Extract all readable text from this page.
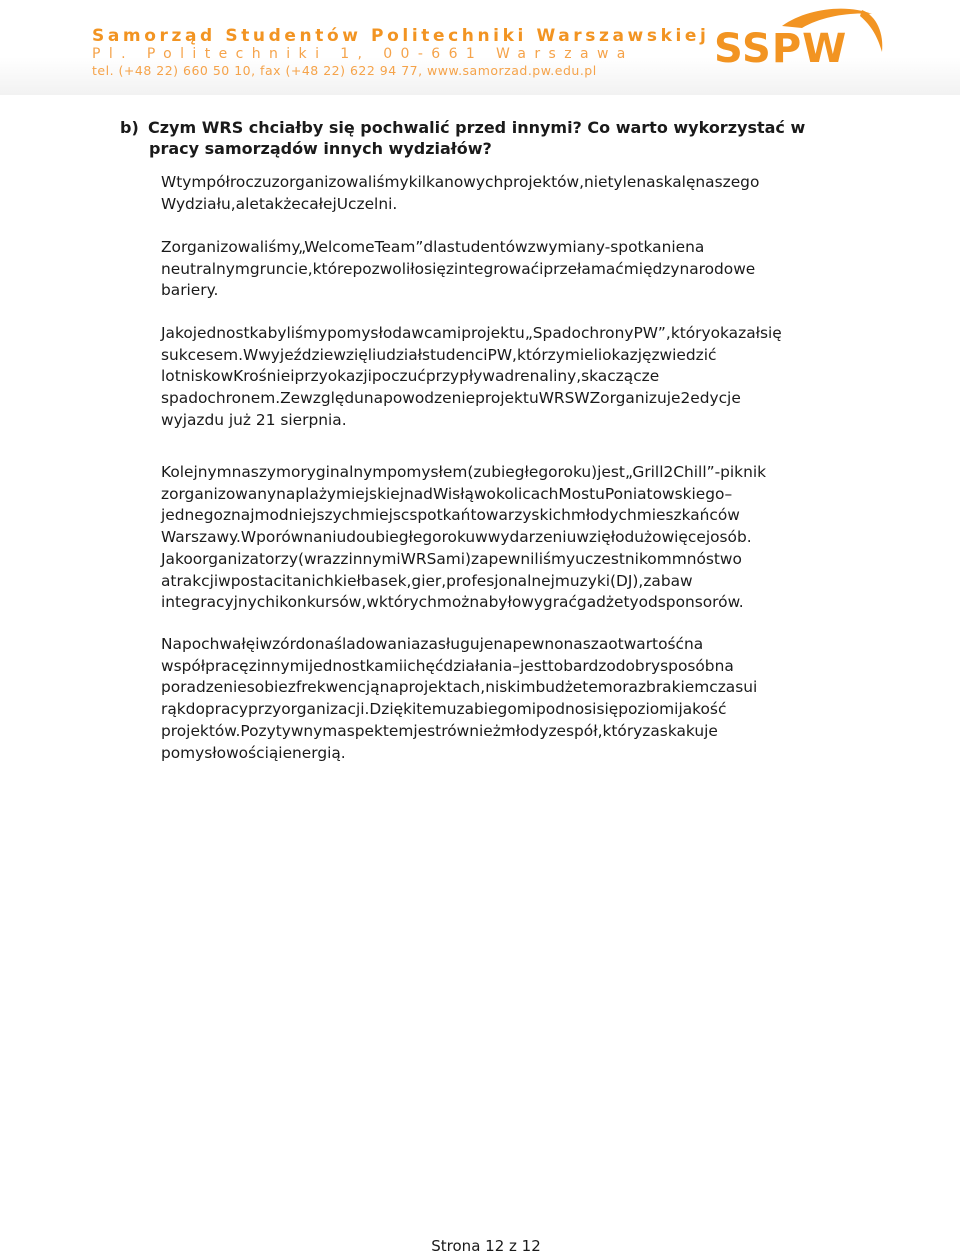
Samorząd Studentów Politechniki Warszawskiej
Pl. Politechniki 1, 00-661 Warszawa
tel. (+48 22) 660 50 10, fax (+48 22) 622 94 77, www.samorzad.pw.edu.pl	SSPW
b) Czym WRS chciałby się pochwalić przed innymi? Co warto wykorzystać w
pracy samorządów innych wydziałów?
Wtympółroczuzorganizowaliśmykilkanowychprojektów,nietylenaskalęnaszego
Wydziału,aletakżecałejUczelni.
Zorganizowaliśmy„WelcomeTeam”dlastudentówzwymiany-spotkaniena
neutralnymgruncie,którepozwoliłosięzintegrowaćiprzełamaćmiędzynarodowe
bariery.
Jakojednostkabyliśmypomysłodawcamiprojektu„SpadochronyPW”,któryokazałsię
sukcesem.WwyjeździewzięliudziałstudenciPW,którzymieliokazjęzwiedzić
lotniskowKrośnieiprzyokazjipoczućprzypływadrenaliny,skaczącze
spadochronem.ZewzględunapowodzenieprojektuWRSWZorganizuje2edycje
wyjazdu już 21 sierpnia.
Kolejnymnaszymoryginalnympomysłem(zubiegłegoroku)jest„Grill2Chill”-piknik
zorganizowanynaplażymiejskiejnadWisłąwokolicachMostuPoniatowskiego–
jednegoznajmodniejszychmiejscspotkańtowarzyskichmłodychmieszkańców
Warszawy.Wporównaniudoubiegłegorokuwwydarzeniuwzięłodużowięcejosób.
Jakoorganizatorzy(wrazzinnymiWRSami)zapewniliśmyuczestnikommnóstwo
atrakcjiwpostacitanichkiełbasek,gier,profesjonalnejmuzyki(DJ),zabaw
integracyjnychikonkursów,wktórychmożnabyłowygraćgadżetyodsponsorów.
Napochwałęiwzórdonaśladowaniazasługujenapewnonaszaotwartośćna
współpracęzinnymijednostkamiichęćdziałania–jesttobardzodobrysposóbna
poradzeniesobiezfrekwencjąnaprojektach,niskimbudżetemorazbrakiemczasui
rąkdopracyprzyorganizacji.Dziękitemuzabiegomipodnosisiępoziomijakość
projektów.Pozytywnymaspektemjestrównieżmłodyzespół,któryzaskakuje
pomysłowościąienergią.
Strona 12 z 12
